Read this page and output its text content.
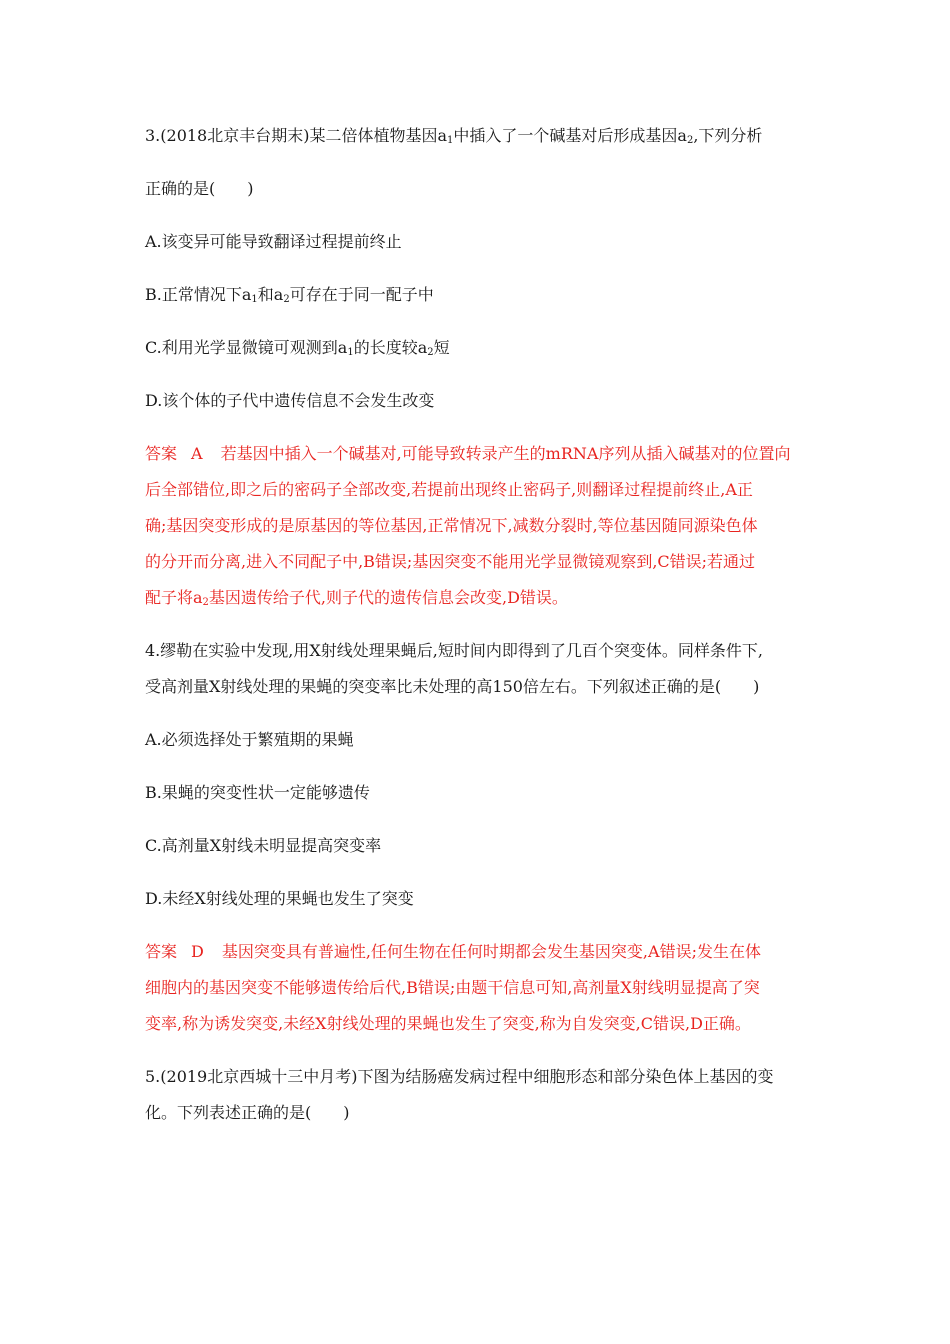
3.(2018北京丰台期末)某二倍体植物基因$a_1$中插入了一个碱基对后形成基因$a_2$,下列分析

正确的是(　　)

A.该变异可能导致翻译过程提前终止

B.正常情况下$a_1$和$a_2$可存在于同一配子中

C.利用光学显微镜可观测到$a_1$的长度较$a_2$短

D.该个体的子代中遗传信息不会发生改变

答案 A 若基因中插入一个碱基对,可能导致转录产生的mRNA序列从插入碱基对的位置向

后全部错位,即之后的密码子全部改变,若提前出现终止密码子,则翻译过程提前终止,A正

确;基因突变形成的是原基因的等位基因,正常情况下,减数分裂时,等位基因随同源染色体

的分开而分离,进入不同配子中,B错误;基因突变不能用光学显微镜观察到,C错误;若通过

配子将$a_2$基因遗传给子代,则子代的遗传信息会改变,D错误。

4.缪勒在实验中发现,用X射线处理果蝇后,短时间内即得到了几百个突变体。同样条件下,

受高剂量X射线处理的果蝇的突变率比未处理的高150倍左右。下列叙述正确的是(　　)

A.必须选择处于繁殖期的果蝇

B.果蝇的突变性状一定能够遗传

C.高剂量X射线未明显提高突变率

D.未经X射线处理的果蝇也发生了突变

答案 D 基因突变具有普遍性,任何生物在任何时期都会发生基因突变,A错误;发生在体

细胞内的基因突变不能够遗传给后代,B错误;由题干信息可知,高剂量X射线明显提高了突

变率,称为诱发突变,未经X射线处理的果蝇也发生了突变,称为自发突变,C错误,D正确。

5.(2019北京西城十三中月考)下图为结肠癌发病过程中细胞形态和部分染色体上基因的变

化。下列表述正确的是(　　)
